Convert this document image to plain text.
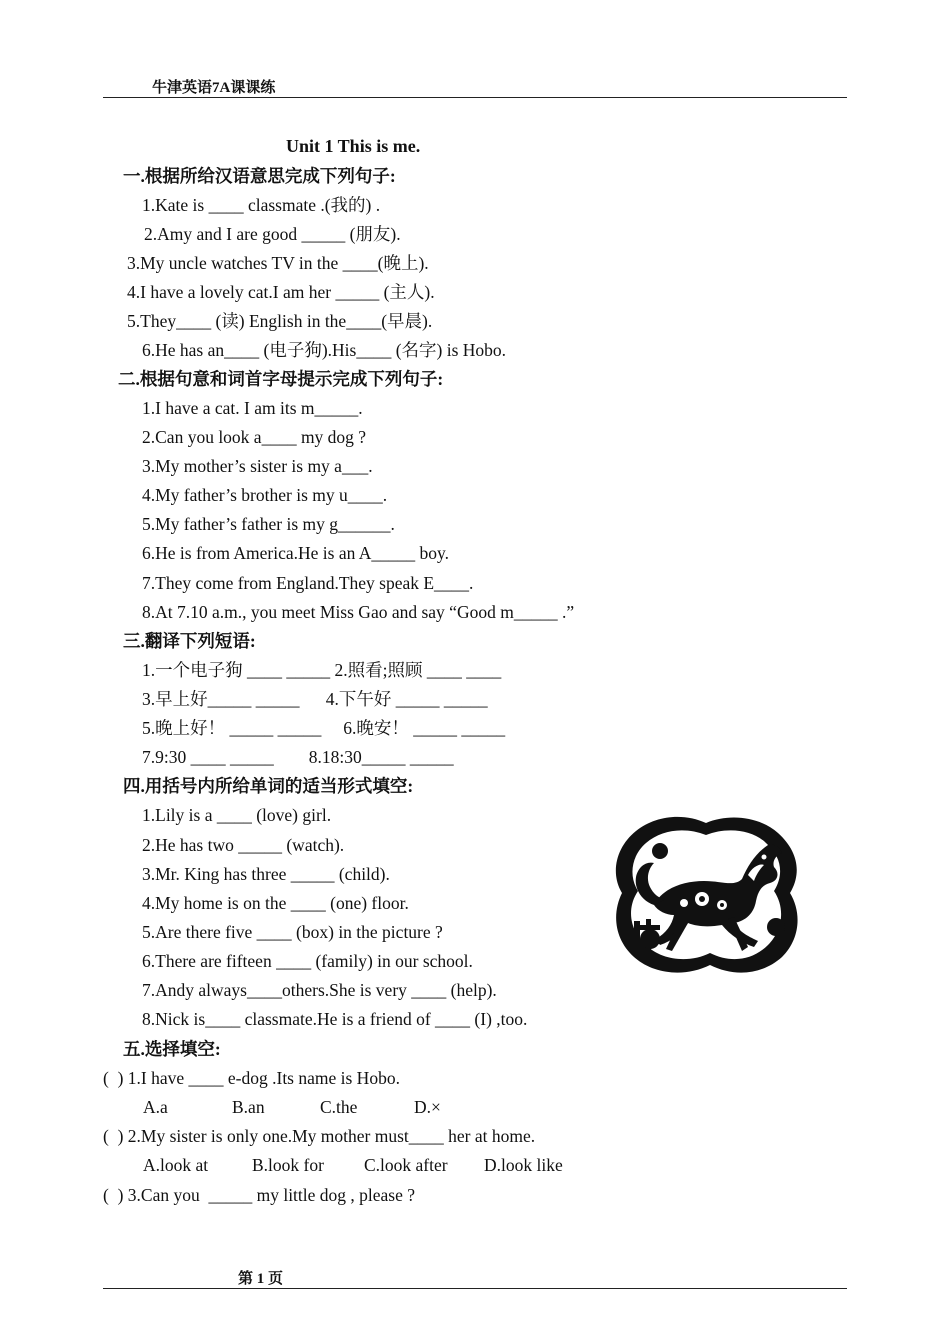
牛津英语7A课课练
Unit 1 This is me.
一.根据所给汉语意思完成下列句子:
1.Kate is ____ classmate .(我的) .
2.Amy and I are good _____ (朋友).
3.My uncle watches TV in the ____(晚上).
4.I have a lovely cat.I am her _____ (主人).
5.They____ (读) English in the____(早晨).
6.He has an____ (电子狗).His____ (名字) is Hobo.
二.根据句意和词首字母提示完成下列句子:
1.I have a cat. I am its m_____.
2.Can you look a____ my dog ?
3.My mother’s sister is my a___.
4.My father’s brother is my u____.
5.My father’s father is my g______.
6.He is from America.He is an A_____ boy.
7.They come from England.They speak E____.
8.At 7.10 a.m., you meet Miss Gao and say “Good m_____ .”
三.翻译下列短语:
1.一个电子狗 ____ _____ 2.照看;照顾 ____ ____
3.早上好_____ _____      4.下午好 _____ _____
5.晚上好！ _____ _____     6.晚安！ _____ _____
7.9:30 ____ _____        8.18:30_____ _____
四.用括号内所给单词的适当形式填空:
1.Lily is a ____ (love) girl.
2.He has two _____ (watch).
3.Mr. King has three _____ (child).
4.My home is on the ____ (one) floor.
5.Are there five ____ (box) in the picture ?
6.There are fifteen ____ (family) in our school.
7.Andy always____others.She is very ____ (help).
8.Nick is____ classmate.He is a friend of ____ (I) ,too.
五.选择填空:
(  ) 1.I have ____ e-dog .Its name is Hobo.
A.a	B.an	C.the	D.×
(  ) 2.My sister is only one.My mother must____ her at home.
A.look at	B.look for C.look after D.look like
(  ) 3.Can you  _____ my little dog , please ?
第 1 页
